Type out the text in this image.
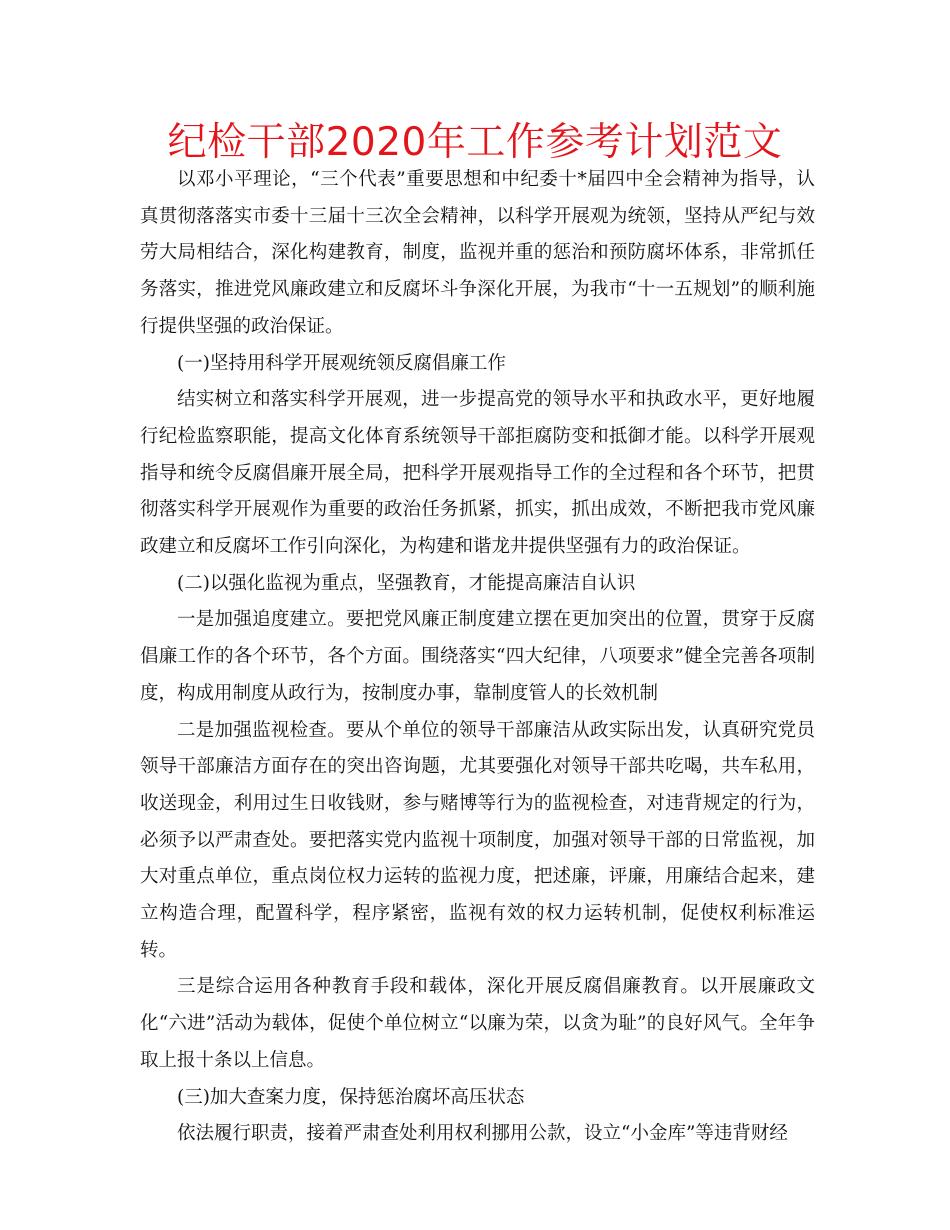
纪检干部2020年工作参考计划范文

以邓小平理论，“三个代表”重要思想和中纪委十*届四中全会精神为指导，认真贯彻落落实市委十三届十三次全会精神，以科学开展观为统领，坚持从严纪与效劳大局相结合，深化构建教育，制度，监视并重的惩治和预防腐坏体系，非常抓任务落实，推进党风廉政建立和反腐坏斗争深化开展，为我市“十一五规划”的顺利施行提供坚强的政治保证。

(一)坚持用科学开展观统领反腐倡廉工作

结实树立和落实科学开展观，进一步提高党的领导水平和执政水平，更好地履行纪检监察职能，提高文化体育系统领导干部拒腐防变和抵御才能。以科学开展观指导和统令反腐倡廉开展全局，把科学开展观指导工作的全过程和各个环节，把贯彻落实科学开展观作为重要的政治任务抓紧，抓实，抓出成效，不断把我市党风廉政建立和反腐坏工作引向深化，为构建和谐龙井提供坚强有力的政治保证。

(二)以强化监视为重点，坚强教育，才能提高廉洁自认识

一是加强追度建立。要把党风廉正制度建立摆在更加突出的位置，贯穿于反腐倡廉工作的各个环节，各个方面。围绕落实“四大纪律，八项要求”健全完善各项制度，构成用制度从政行为，按制度办事，靠制度管人的长效机制

二是加强监视检查。要从个单位的领导干部廉洁从政实际出发，认真研究党员领导干部廉洁方面存在的突出咨询题，尤其要强化对领导干部共吃喝，共车私用，收送现金，利用过生日收钱财，参与赌博等行为的监视检查，对违背规定的行为，必须予以严肃查处。要把落实党内监视十项制度，加强对领导干部的日常监视，加大对重点单位，重点岗位权力运转的监视力度，把述廉，评廉，用廉结合起来，建立构造合理，配置科学，程序紧密，监视有效的权力运转机制，促使权利标准运转。

三是综合运用各种教育手段和载体，深化开展反腐倡廉教育。以开展廉政文化“六进”活动为载体，促使个单位树立“以廉为荣，以贪为耻”的良好风气。全年争取上报十条以上信息。

(三)加大查案力度，保持惩治腐坏高压状态

依法履行职责，接着严肃查处利用权利挪用公款，设立“小金库”等违背财经
